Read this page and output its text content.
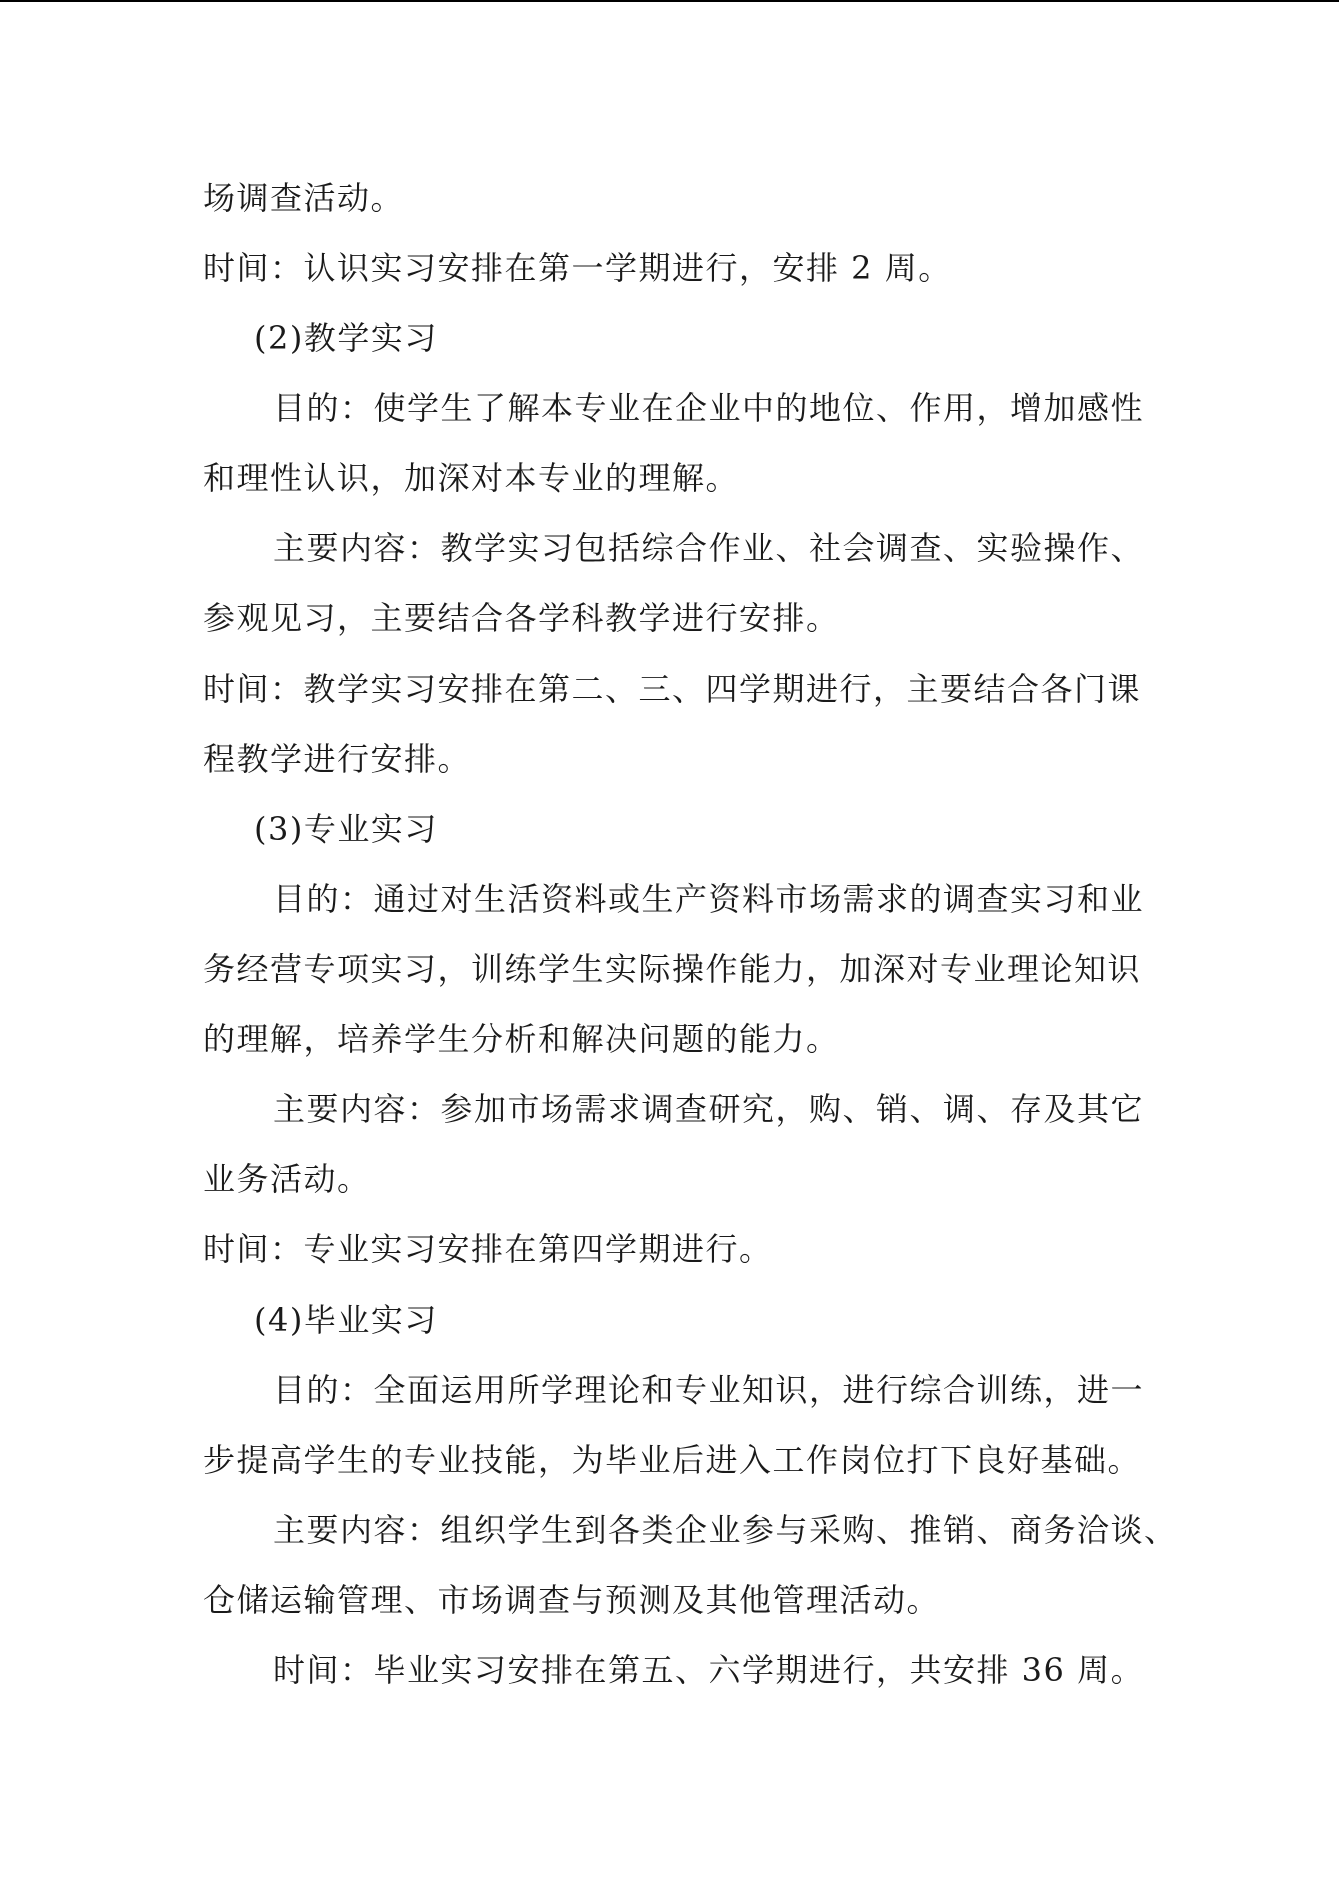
场调查活动。
时间：认识实习安排在第一学期进行，安排 2 周。
(2)教学实习
目的：使学生了解本专业在企业中的地位、作用，增加感性
和理性认识，加深对本专业的理解。
主要内容：教学实习包括综合作业、社会调查、实验操作、
参观见习，主要结合各学科教学进行安排。
时间：教学实习安排在第二、三、四学期进行，主要结合各门课
程教学进行安排。
(3)专业实习
目的：通过对生活资料或生产资料市场需求的调查实习和业
务经营专项实习，训练学生实际操作能力，加深对专业理论知识
的理解，培养学生分析和解决问题的能力。
主要内容：参加市场需求调查研究，购、销、调、存及其它
业务活动。
时间：专业实习安排在第四学期进行。
(4)毕业实习
目的：全面运用所学理论和专业知识，进行综合训练，进一
步提高学生的专业技能，为毕业后进入工作岗位打下良好基础。
主要内容：组织学生到各类企业参与采购、推销、商务洽谈、
仓储运输管理、市场调查与预测及其他管理活动。
时间：毕业实习安排在第五、六学期进行，共安排 36 周。
